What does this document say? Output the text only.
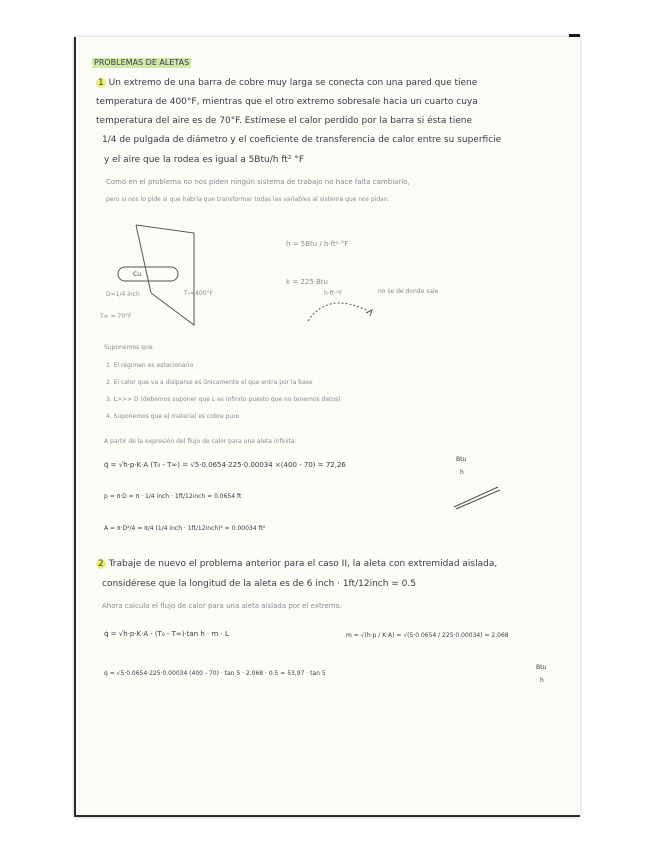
PROBLEMAS DE ALETAS
1 Un extremo de una barra de cobre muy larga se conecta con una pared que tiene
temperatura de 400°F, mientras que el otro extremo sobresale hacia un cuarto cuya
temperatura del aire es de 70°F. Estímese el calor perdido por la barra si ésta tiene
1/4 de pulgada de diámetro y el coeficiente de transferencia de calor entre su superficie
y el aire que la rodea es igual a 5Btu/h ft² °F
Como en el problema no nos piden ningún sistema de trabajo no hace falta cambiarlo,
pero si nos lo pide si que habría que transformar todas las variables al sistema que nos pidan.
Cu
D=1/4 inch	T₀=400°F
T∞ = 70°F
h = 5Btu / h·ft²·°F
k = 225 Btu
h·ft·°F	no se de donde sale
Suponemos que:
1. El régimen es estacionario
2. El calor que va a disiparse es únicamente el que entra por la base
3. L>>> D (debemos suponer que L es infinito puesto que no tenemos datos)
4. Suponemos que el material es cobre puro
A partir de la expresión del flujo de calor para una aleta infinita:
q̇ = √h·p·K·A (T₀ - T∞) = √5·0.0654·225·0.00034 ×(400 - 70) = 72,26
Btu
h
p = π·D = π · 1/4 inch · 1ft/12inch = 0.0654 ft
A = π·D²/4 = π/4 (1/4 inch · 1ft/12inch)² = 0.00034 ft²
2 Trabaje de nuevo el problema anterior para el caso II, la aleta con extremidad aislada,
considérese que la longitud de la aleta es de 6 inch · 1ft/12inch = 0.5
Ahora calculo el flujo de calor para una aleta aislada por el extremo.
q̇ = √h·p·K·A · (T₀ - T∞)·tan h · m · L	m = √(h·p / K·A) = √(5·0.0654 / 225·0.00034) = 2.068
q̇ = √5·0.0654·225·0.00034 (400 - 70) · tan 5 · 2.068 · 0.5 = 53,97 · tan 5
Btu
h
